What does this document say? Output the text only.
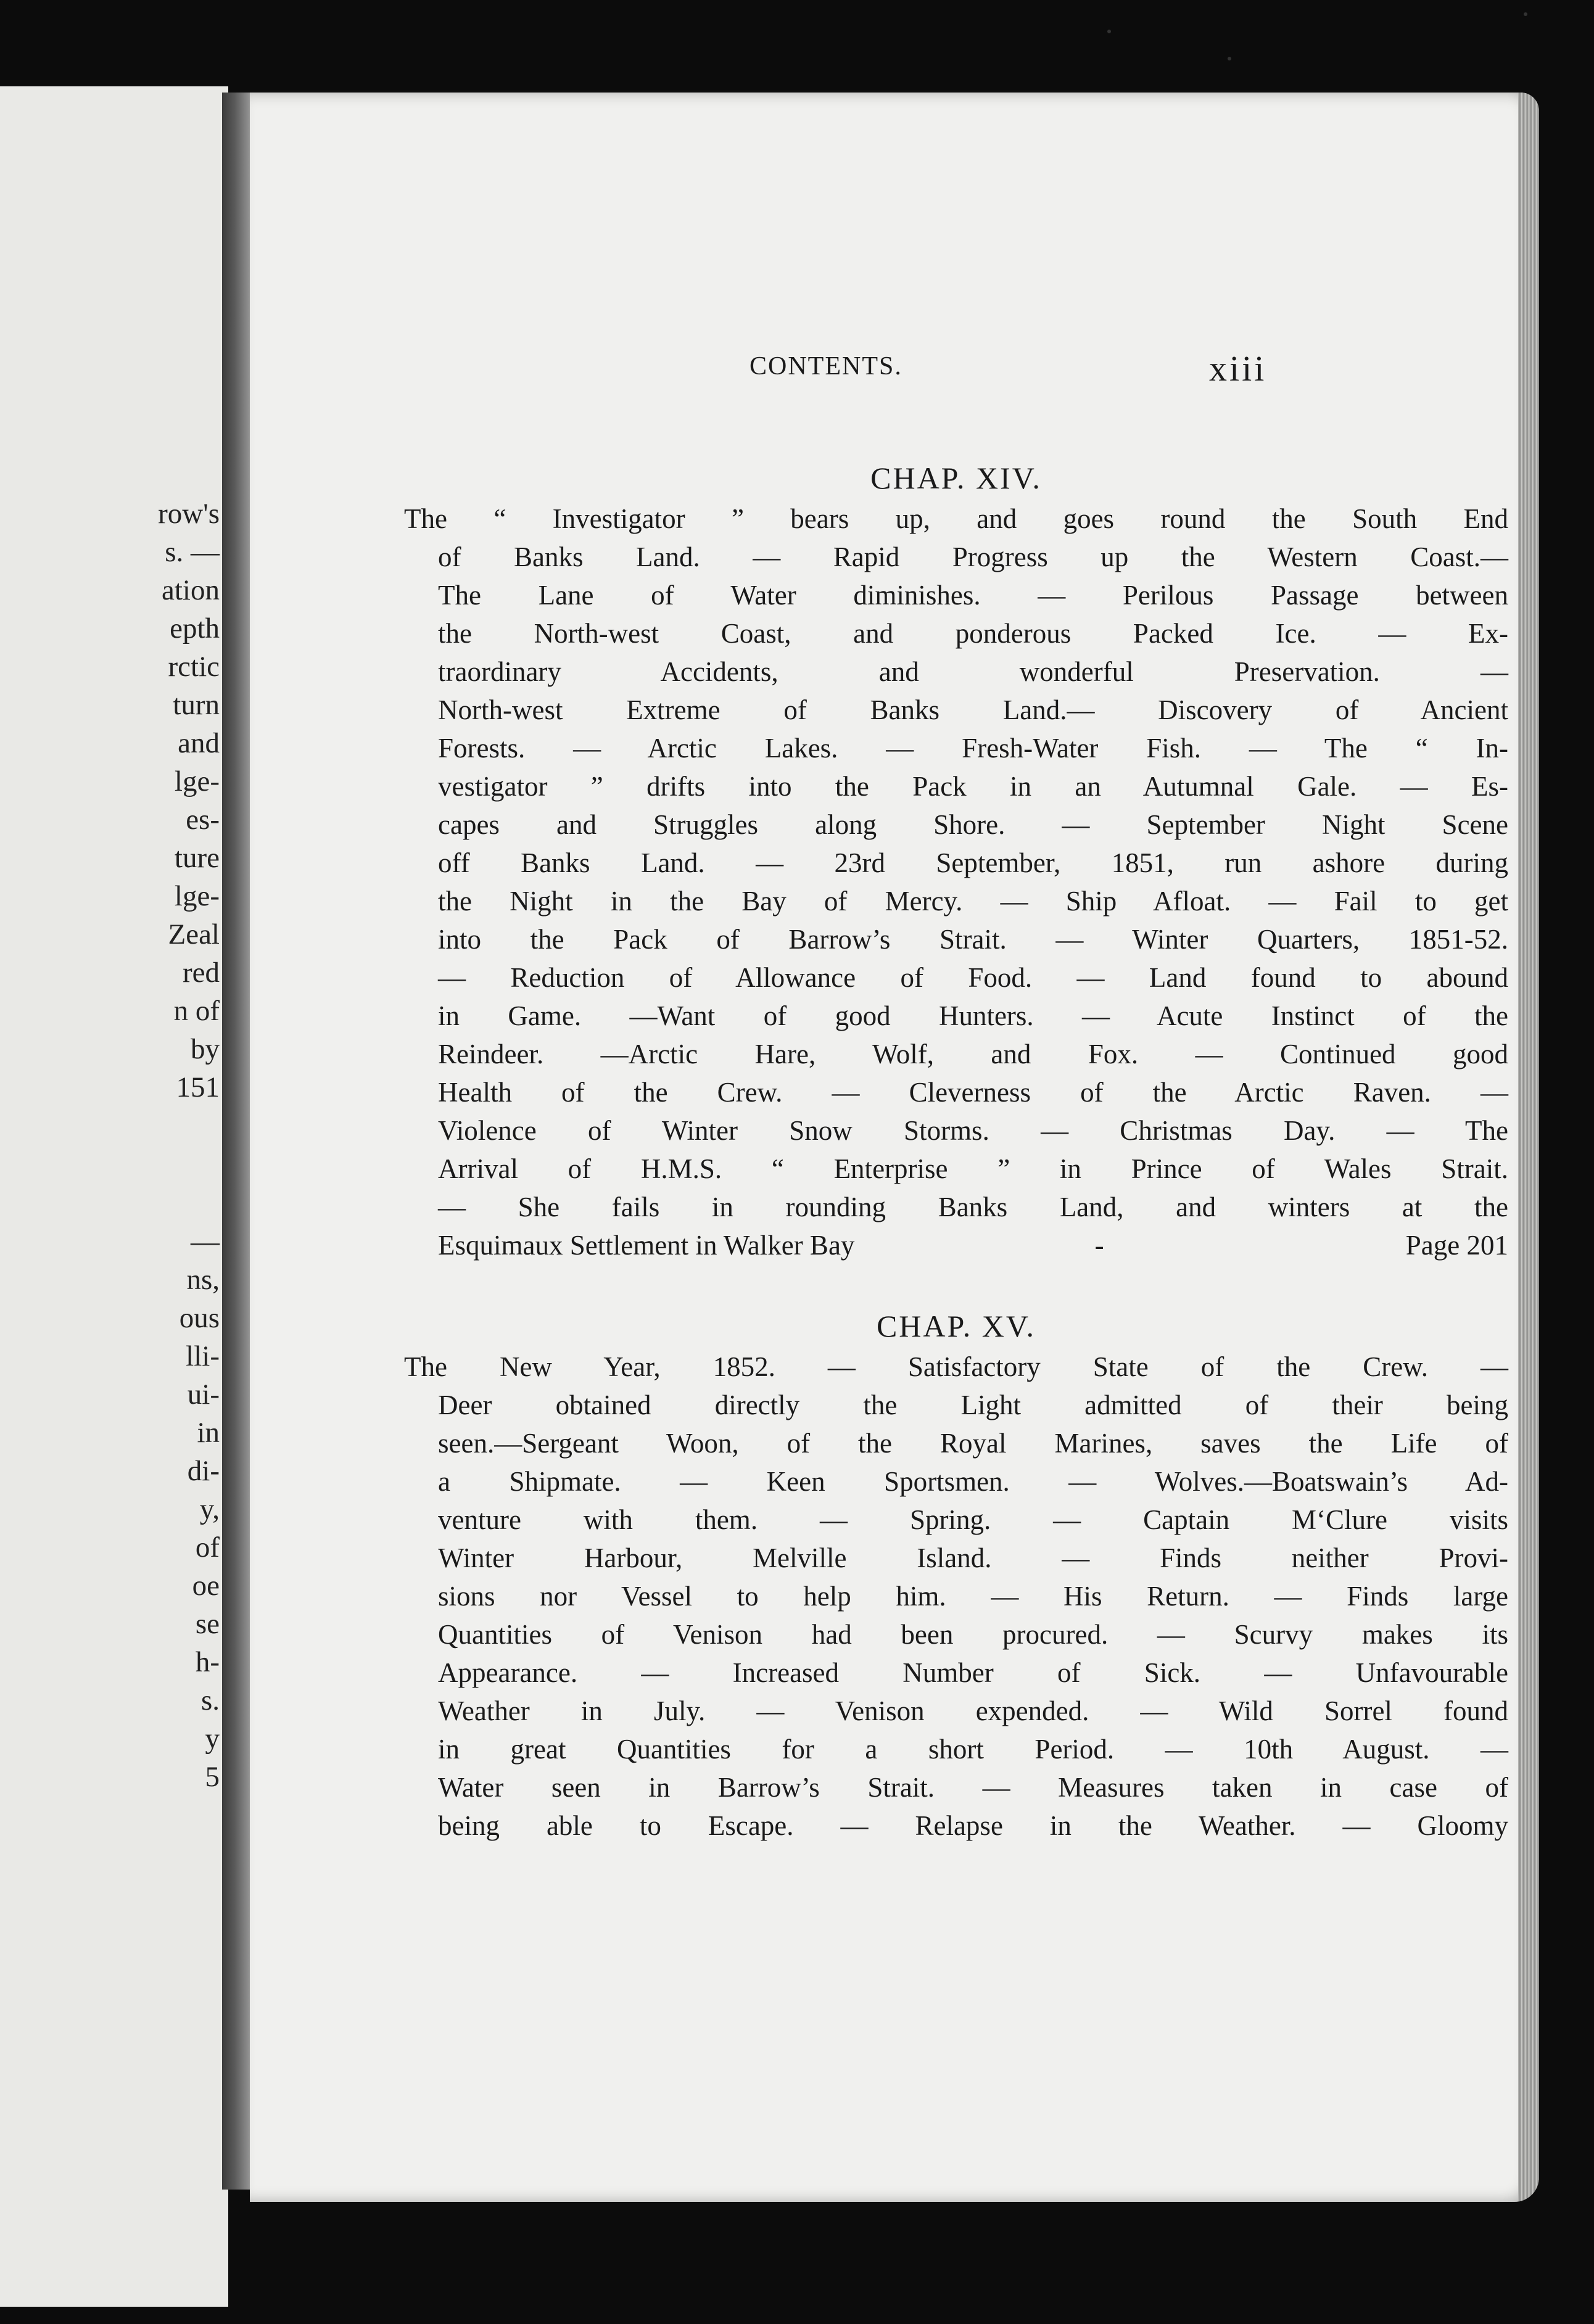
row's
s. —
ation
epth
rctic
turn
and
lge-
es-
ture
lge-
Zeal
red
n of
by
151
—
ns,
ous
lli-
ui-
in
di-
y,
of
oe
se
h-
s.
y
5
CONTENTS.	xiii
CHAP. XIV.
The “ Investigator ” bears up, and goes round the South End
of Banks Land. — Rapid Progress up the Western Coast.—
The Lane of Water diminishes. — Perilous Passage between
the North-west Coast, and ponderous Packed Ice. — Ex-
traordinary Accidents, and wonderful Preservation. —
North-west Extreme of Banks Land.— Discovery of Ancient
Forests. — Arctic Lakes. — Fresh-Water Fish. — The “ In-
vestigator ” drifts into the Pack in an Autumnal Gale. — Es-
capes and Struggles along Shore. — September Night Scene
off Banks Land. — 23rd September, 1851, run ashore during
the Night in the Bay of Mercy. — Ship Afloat. — Fail to get
into the Pack of Barrow’s Strait. — Winter Quarters, 1851-52.
— Reduction of Allowance of Food. — Land found to abound
in Game. —Want of good Hunters. — Acute Instinct of the
Reindeer. —Arctic Hare, Wolf, and Fox. — Continued good
Health of the Crew. — Cleverness of the Arctic Raven. —
Violence of Winter Snow Storms. — Christmas Day. — The
Arrival of H.M.S. “ Enterprise ” in Prince of Wales Strait.
— She fails in rounding Banks Land, and winters at the
Esquimaux Settlement in Walker Bay	-	Page 201
CHAP. XV.
The New Year, 1852. — Satisfactory State of the Crew. —
Deer obtained directly the Light admitted of their being
seen.—Sergeant Woon, of the Royal Marines, saves the Life of
a Shipmate. — Keen Sportsmen. — Wolves.—Boatswain’s Ad-
venture with them. — Spring. — Captain M‘Clure visits
Winter Harbour, Melville Island. — Finds neither Provi-
sions nor Vessel to help him. — His Return. — Finds large
Quantities of Venison had been procured. — Scurvy makes its
Appearance. — Increased Number of Sick. — Unfavourable
Weather in July. — Venison expended. — Wild Sorrel found
in great Quantities for a short Period. — 10th August. —
Water seen in Barrow’s Strait. — Measures taken in case of
being able to Escape. — Relapse in the Weather. — Gloomy
